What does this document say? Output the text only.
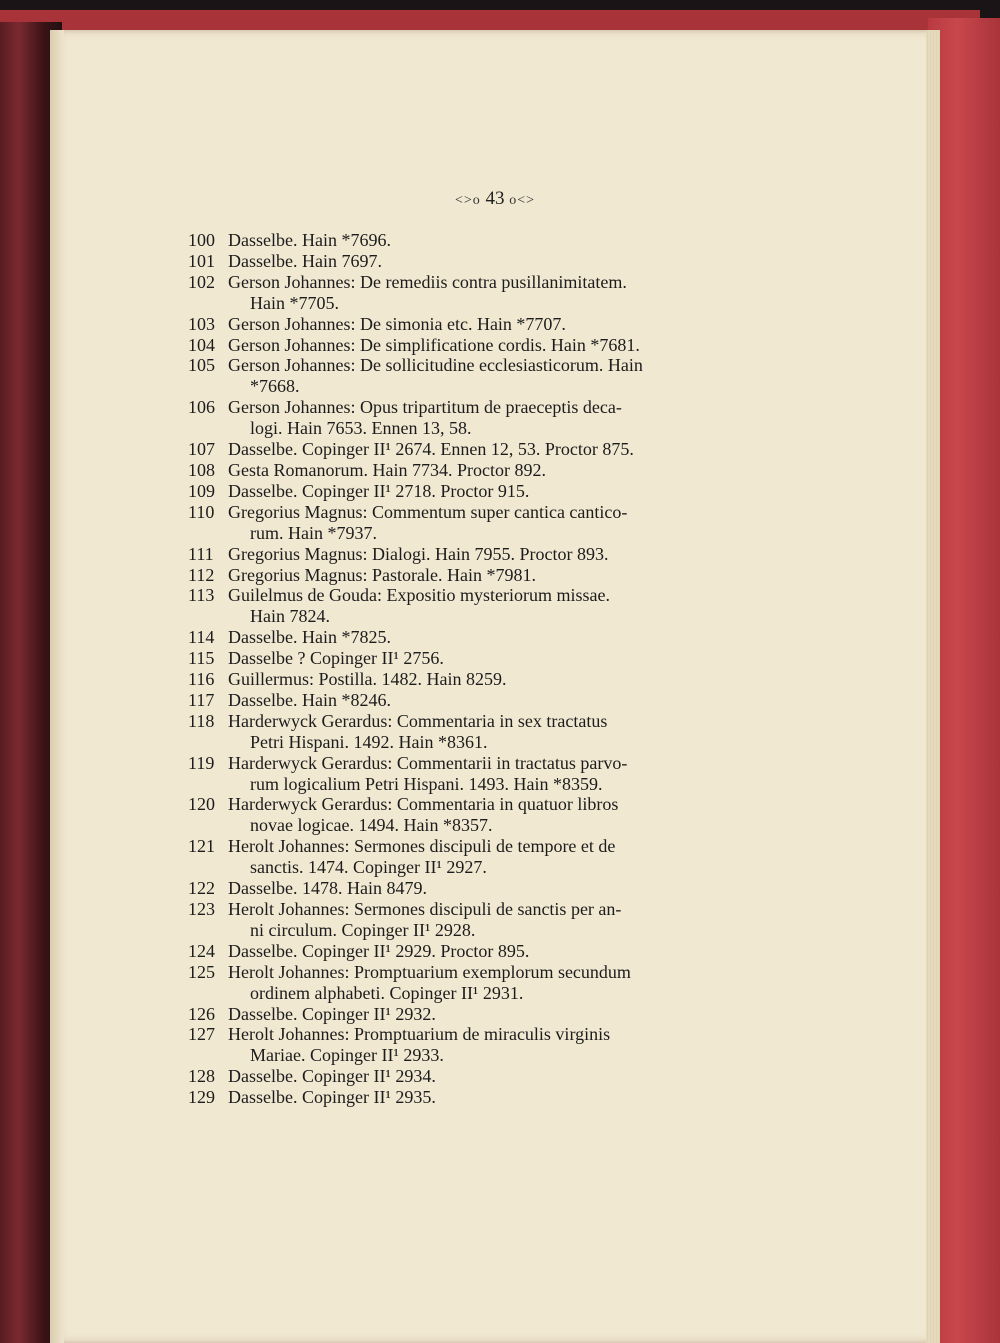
<>o 43 o<>
100 Dasselbe. Hain *7696.
101 Dasselbe. Hain 7697.
102 Gerson Johannes: De remediis contra pusillanimitatem.
Hain *7705.
103 Gerson Johannes: De simonia etc. Hain *7707.
104 Gerson Johannes: De simplificatione cordis. Hain *7681.
105 Gerson Johannes: De sollicitudine ecclesiasticorum. Hain
*7668.
106 Gerson Johannes: Opus tripartitum de praeceptis deca-
logi. Hain 7653. Ennen 13, 58.
107 Dasselbe. Copinger II¹ 2674. Ennen 12, 53. Proctor 875.
108 Gesta Romanorum. Hain 7734. Proctor 892.
109 Dasselbe. Copinger II¹ 2718. Proctor 915.
110 Gregorius Magnus: Commentum super cantica cantico-
rum. Hain *7937.
111 Gregorius Magnus: Dialogi. Hain 7955. Proctor 893.
112 Gregorius Magnus: Pastorale. Hain *7981.
113 Guilelmus de Gouda: Expositio mysteriorum missae.
Hain 7824.
114 Dasselbe. Hain *7825.
115 Dasselbe ? Copinger II¹ 2756.
116 Guillermus: Postilla. 1482. Hain 8259.
117 Dasselbe. Hain *8246.
118 Harderwyck Gerardus: Commentaria in sex tractatus
Petri Hispani. 1492. Hain *8361.
119 Harderwyck Gerardus: Commentarii in tractatus parvo-
rum logicalium Petri Hispani. 1493. Hain *8359.
120 Harderwyck Gerardus: Commentaria in quatuor libros
novae logicae. 1494. Hain *8357.
121 Herolt Johannes: Sermones discipuli de tempore et de
sanctis. 1474. Copinger II¹ 2927.
122 Dasselbe. 1478. Hain 8479.
123 Herolt Johannes: Sermones discipuli de sanctis per an-
ni circulum. Copinger II¹ 2928.
124 Dasselbe. Copinger II¹ 2929. Proctor 895.
125 Herolt Johannes: Promptuarium exemplorum secundum
ordinem alphabeti. Copinger II¹ 2931.
126 Dasselbe. Copinger II¹ 2932.
127 Herolt Johannes: Promptuarium de miraculis virginis
Mariae. Copinger II¹ 2933.
128 Dasselbe. Copinger II¹ 2934.
129 Dasselbe. Copinger II¹ 2935.
